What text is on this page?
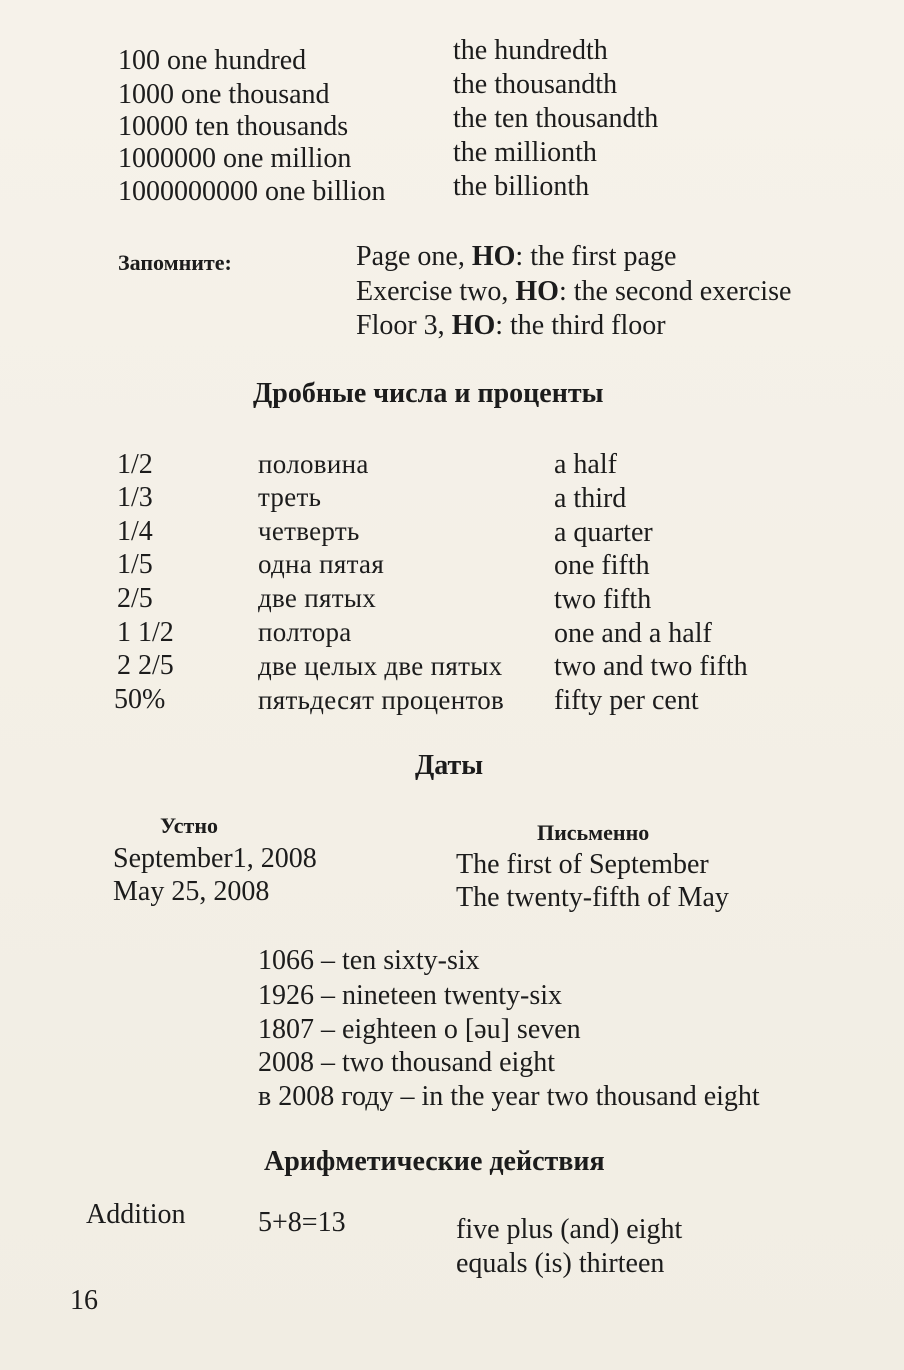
100 one hundred	the hundredth
1000 one thousand	the thousandth
10000 ten thousands	the ten thousandth
1000000 one million	the millionth
1000000000 one billion the billionth
Запомните:	Page one, НО: the first page
Exercise two, НО: the second exercise
Floor 3, НО: the third floor
Дробные числа и проценты
1/2	половина	a half
1/3	треть	a third
1/4	четверть	a quarter
1/5	одна пятая	one fifth
2/5	две пятых	two fifth
1 1/2	полтора	one and a half
2 2/5	две целых две пятых two and two fifth
50%	пятьдесят процентов fifty per cent
Даты
Устно	Письменно
September1, 2008	The first of September
May 25, 2008	The twenty-fifth of May
1066 – ten sixty-six
1926 – nineteen twenty-six
1807 – eighteen o [əu] seven
2008 – two thousand eight
в 2008 году – in the year two thousand eight
Арифметические действия
Addition	5+8=13	five plus (and) eight
equals (is) thirteen
16
